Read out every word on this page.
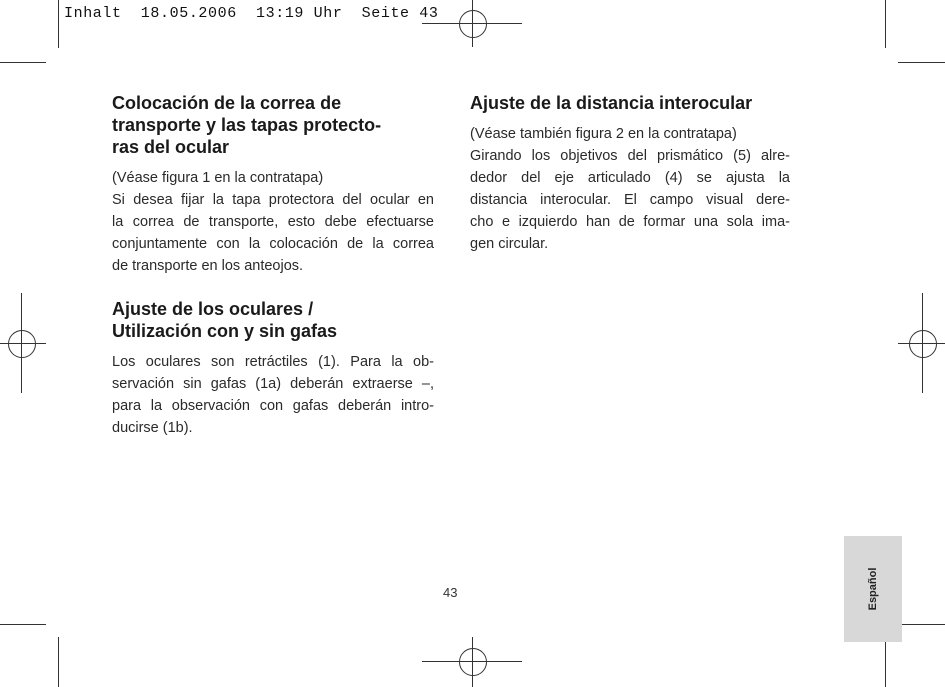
Inhalt  18.05.2006  13:19 Uhr  Seite 43
Colocación de la correa de
transporte y las tapas protecto-
ras del ocular
(Véase figura 1 en la contratapa)
Si desea fijar la tapa protectora del ocular en
la correa de transporte, esto debe efectuarse
conjuntamente con la colocación de la correa
de transporte en los anteojos.
Ajuste de los oculares /
Utilización con y sin gafas
Los oculares son retráctiles (1). Para la ob-
servación sin gafas (1a) deberán extraerse –,
para la observación con gafas deberán intro-
ducirse (1b).
Ajuste de la distancia interocular
(Véase también figura 2 en la contratapa)
Girando los objetivos del prismático (5) alre-
dedor del eje articulado (4) se ajusta la
distancia interocular. El campo visual dere-
cho e izquierdo han de formar una sola ima-
gen circular.
43	Español
